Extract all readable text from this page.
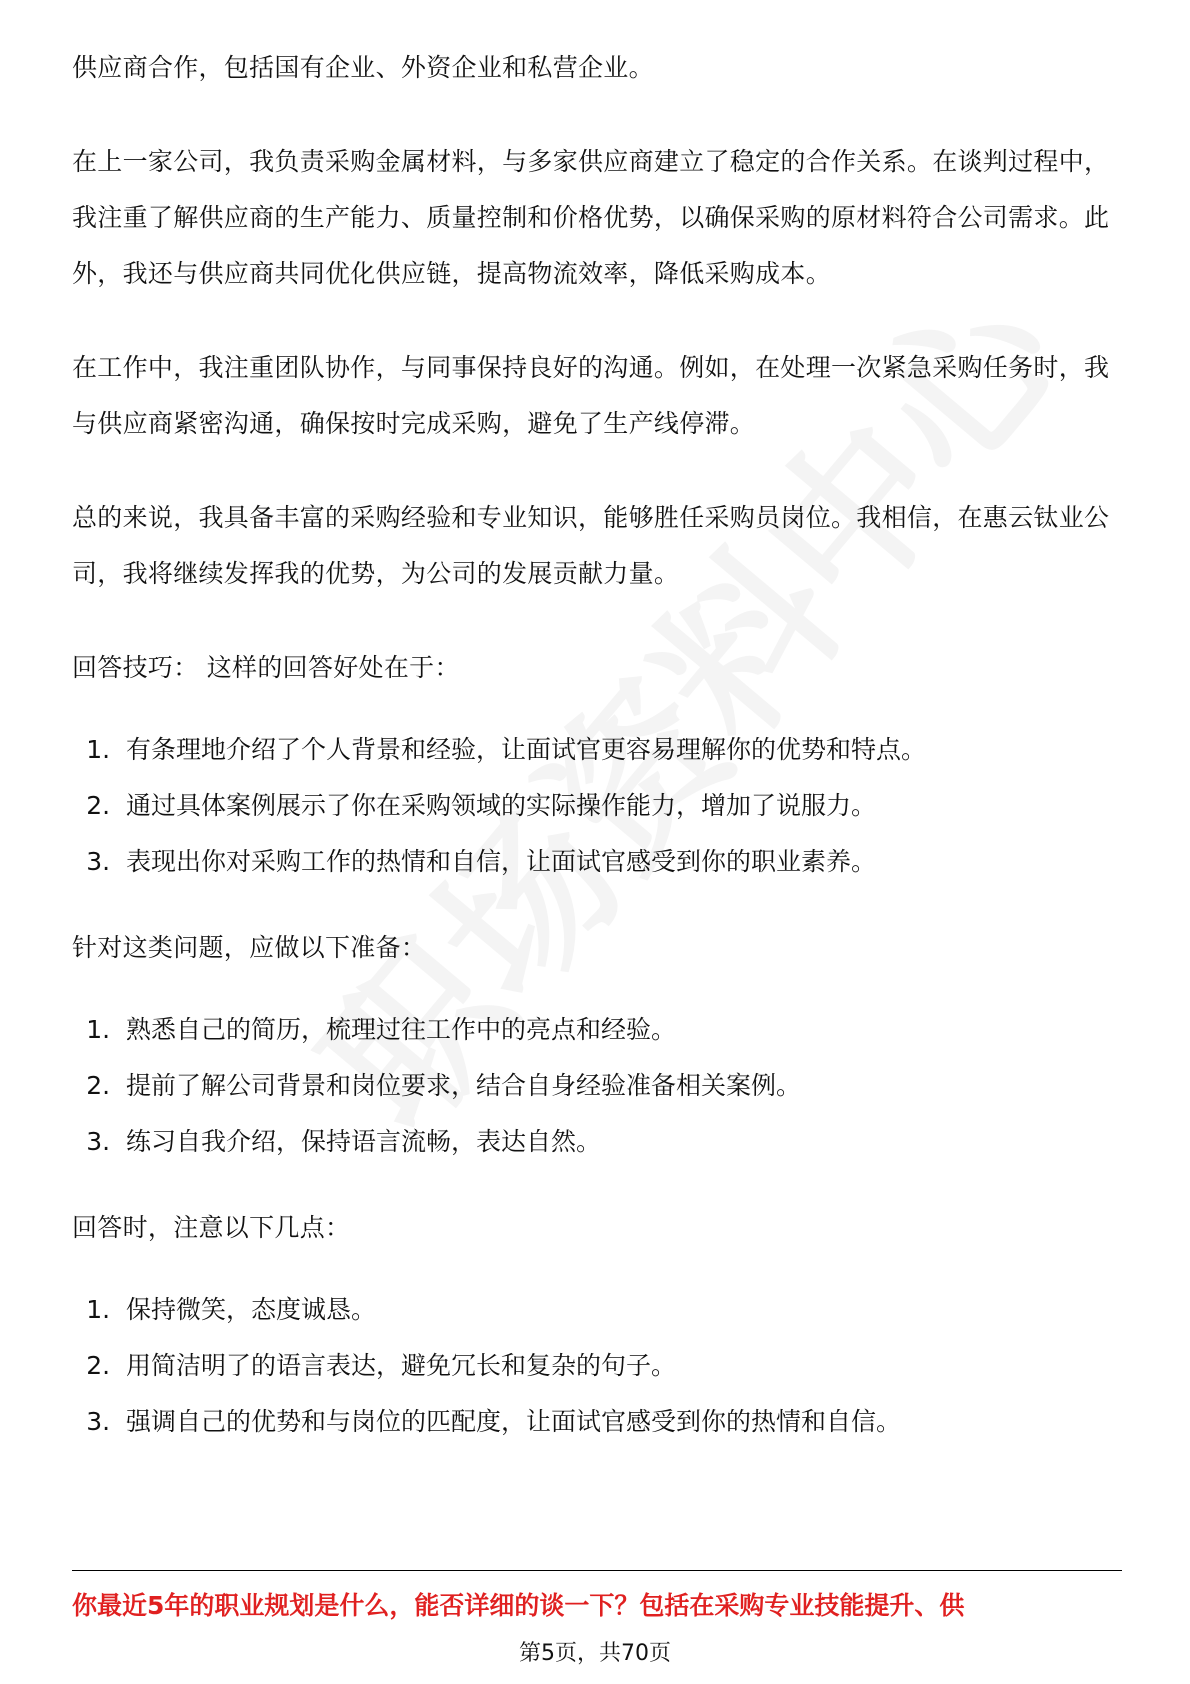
供应商合作，包括国有企业、外资企业和私营企业。

在上一家公司，我负责采购金属材料，与多家供应商建立了稳定的合作关系。在谈判过程中，我注重了解供应商的生产能力、质量控制和价格优势，以确保采购的原材料符合公司需求。此外，我还与供应商共同优化供应链，提高物流效率，降低采购成本。

在工作中，我注重团队协作，与同事保持良好的沟通。例如，在处理一次紧急采购任务时，我与供应商紧密沟通，确保按时完成采购，避免了生产线停滞。

总的来说，我具备丰富的采购经验和专业知识，能够胜任采购员岗位。我相信，在惠云钛业公司，我将继续发挥我的优势，为公司的发展贡献力量。

回答技巧： 这样的回答好处在于：

1. 有条理地介绍了个人背景和经验，让面试官更容易理解你的优势和特点。
2. 通过具体案例展示了你在采购领域的实际操作能力，增加了说服力。
3. 表现出你对采购工作的热情和自信，让面试官感受到你的职业素养。

针对这类问题，应做以下准备：

1. 熟悉自己的简历，梳理过往工作中的亮点和经验。
2. 提前了解公司背景和岗位要求，结合自身经验准备相关案例。
3. 练习自我介绍，保持语言流畅，表达自然。

回答时，注意以下几点：

1. 保持微笑，态度诚恳。
2. 用简洁明了的语言表达，避免冗长和复杂的句子。
3. 强调自己的优势和与岗位的匹配度，让面试官感受到你的热情和自信。
你最近5年的职业规划是什么，能否详细的谈一下？包括在采购专业技能提升、供
第5页，共70页
